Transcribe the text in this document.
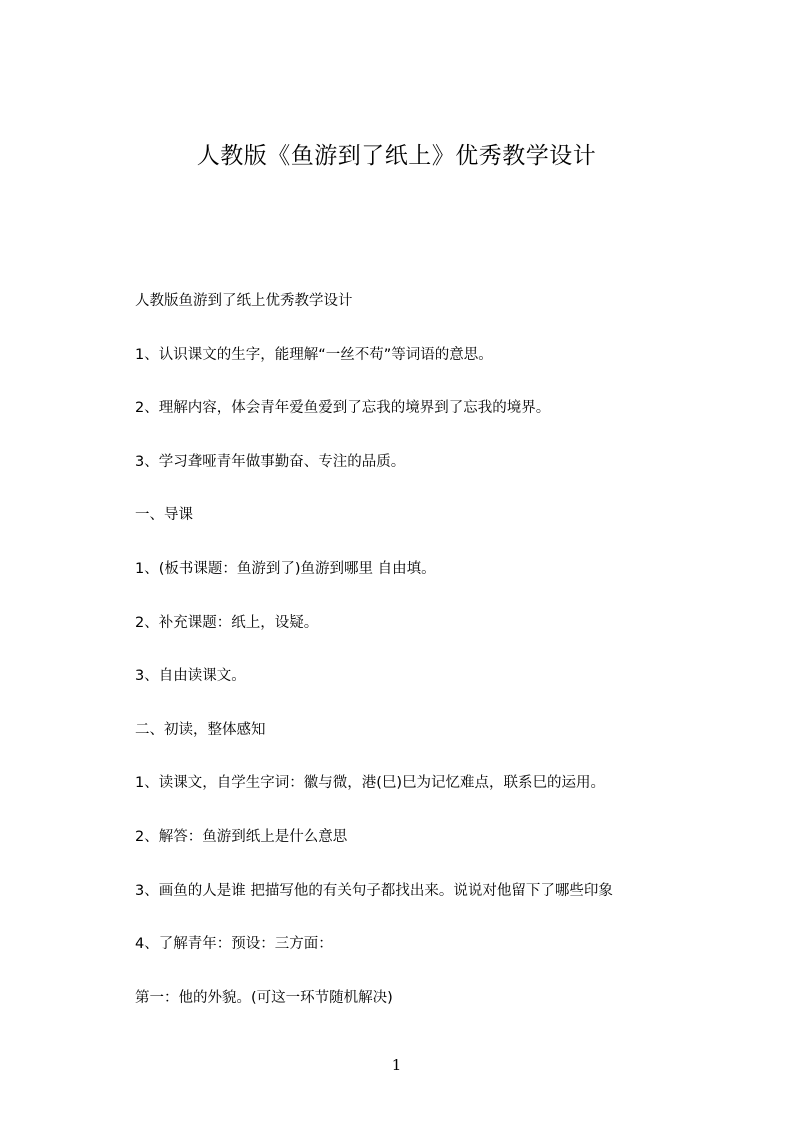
人教版《鱼游到了纸上》优秀教学设计
人教版鱼游到了纸上优秀教学设计
1、认识课文的生字，能理解“一丝不苟”等词语的意思。
2、理解内容，体会青年爱鱼爱到了忘我的境界到了忘我的境界。
3、学习聋哑青年做事勤奋、专注的品质。
一、导课
1、(板书课题：鱼游到了)鱼游到哪里 自由填。
2、补充课题：纸上，设疑。
3、自由读课文。
二、初读，整体感知
1、读课文，自学生字词：徽与微，港(巳)巳为记忆难点，联系巳的运用。
2、解答：鱼游到纸上是什么意思
3、画鱼的人是谁 把描写他的有关句子都找出来。说说对他留下了哪些印象
4、了解青年：预设：三方面：
第一：他的外貌。(可这一环节随机解决)
1
